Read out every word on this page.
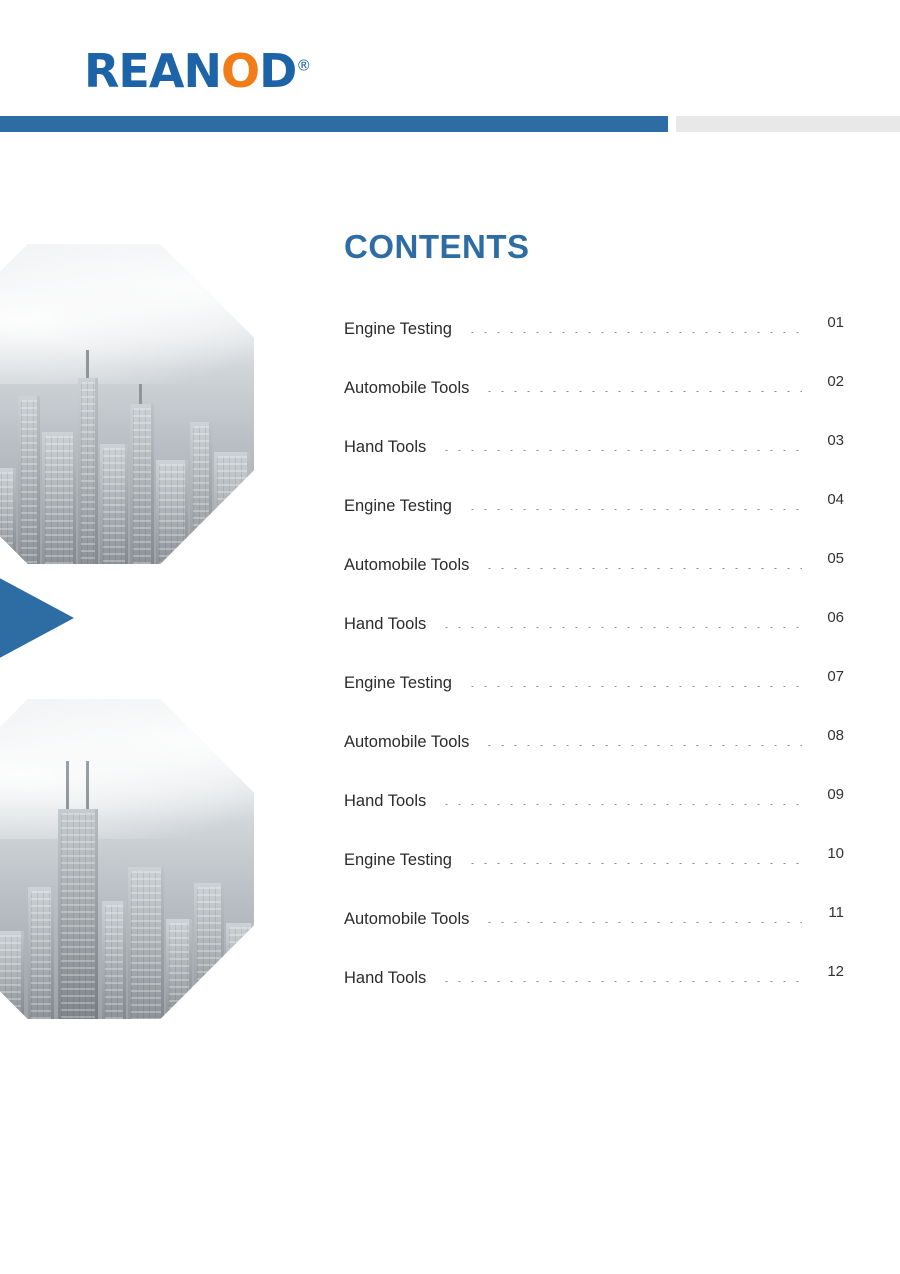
REANOD®
CONTENTS
Engine Testing	01
Automobile Tools	02
Hand Tools	03
Engine Testing	04
Automobile Tools	05
Hand Tools	06
Engine Testing	07
Automobile Tools	08
Hand Tools	09
Engine Testing	10
Automobile Tools	11
Hand Tools	12
